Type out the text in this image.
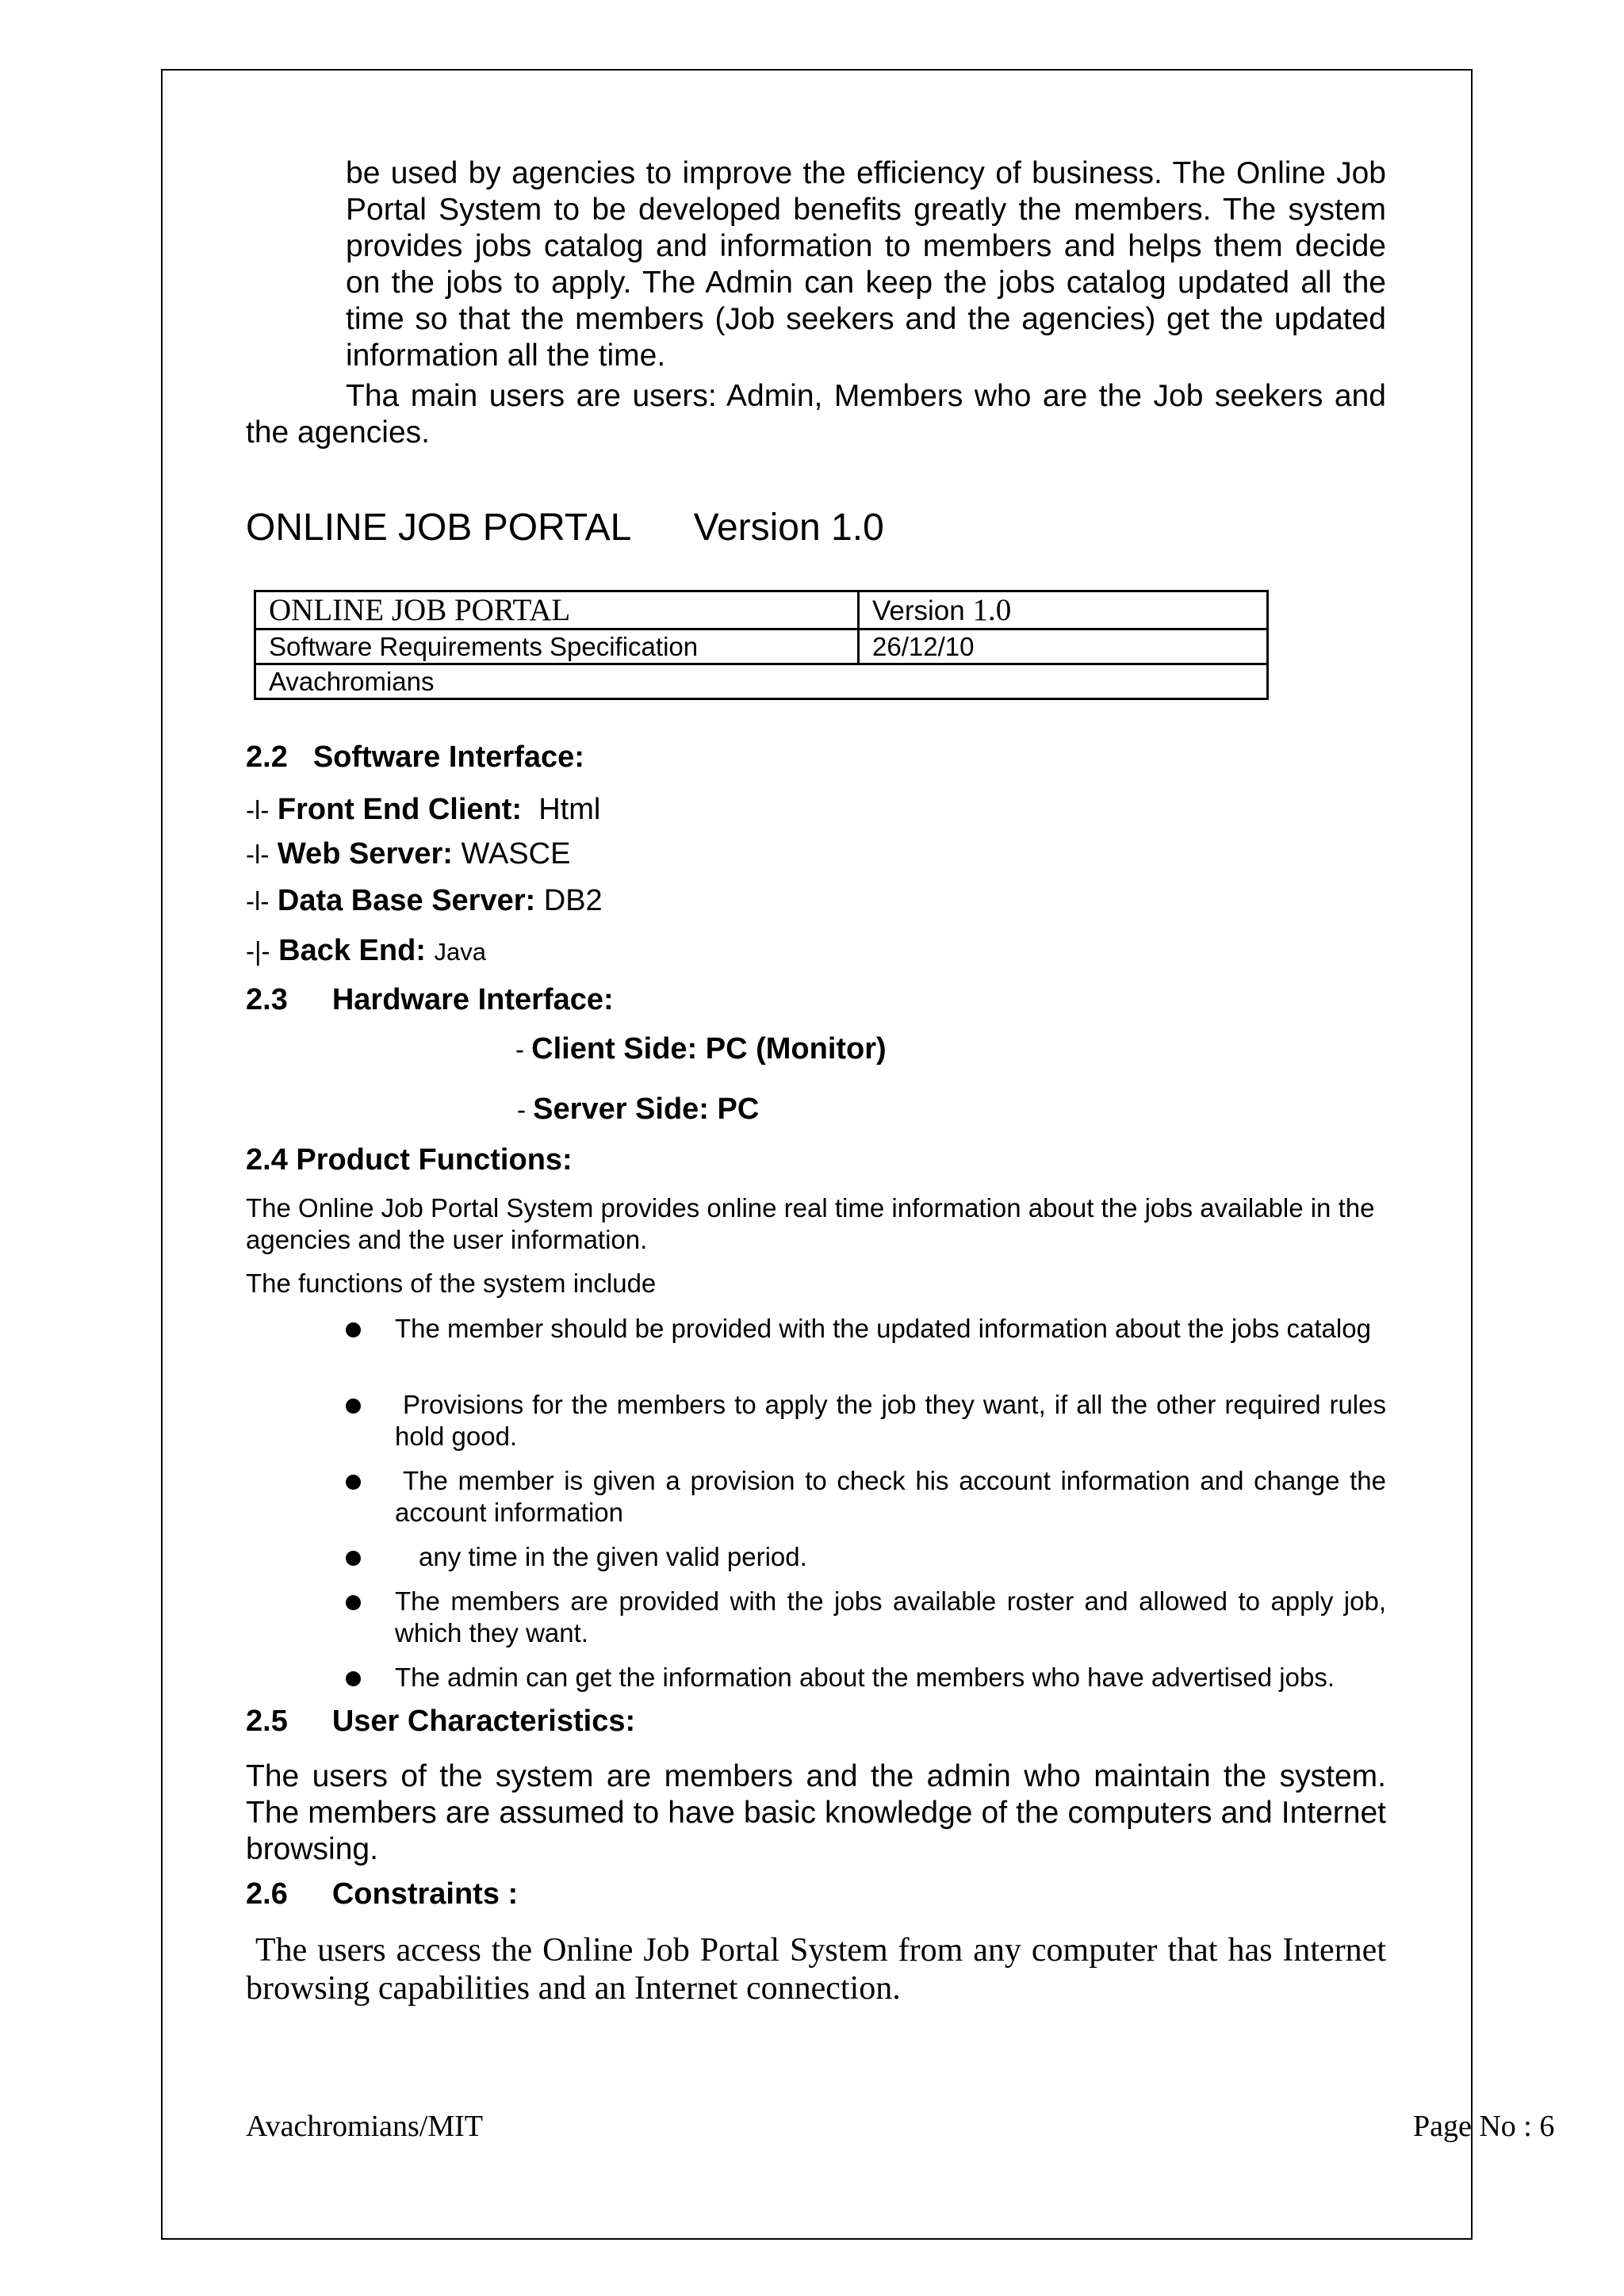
be used by agencies to improve the efficiency of business. The Online Job Portal System to be developed benefits greatly the members. The system provides jobs catalog and information to members and helps them decide on the jobs to apply. The Admin can keep the jobs catalog updated all the time so that the members (Job seekers and the agencies) get the updated information all the time.
Tha main users are users: Admin, Members who are the Job seekers and the agencies.
ONLINE JOB PORTAL Version 1.0
ONLINE JOB PORTAL	Version 1.0
Software Requirements Specification	26/12/10
Avachromians	
2.2 Software Interface:
-l- Front End Client: Html
-l- Web Server: WASCE
-l- Data Base Server: DB2
-|- Back End: Java
2.3 Hardware Interface:
- Client Side: PC (Monitor)
- Server Side: PC
2.4 Product Functions:
The Online Job Portal System provides online real time information about the jobs available in the agencies and the user information.
The functions of the system include
The member should be provided with the updated information about the jobs catalog
Provisions for the members to apply the job they want, if all the other required rules hold good.
The member is given a provision to check his account information and change the account information
any time in the given valid period.
The members are provided with the jobs available roster and allowed to apply job, which they want.
The admin can get the information about the members who have advertised jobs.
2.5 User Characteristics:
The users of the system are members and the admin who maintain the system. The members are assumed to have basic knowledge of the computers and Internet browsing.
2.6 Constraints :
The users access the Online Job Portal System from any computer that has Internet browsing capabilities and an Internet connection.
Avachromians/MIT	Page No : 6
